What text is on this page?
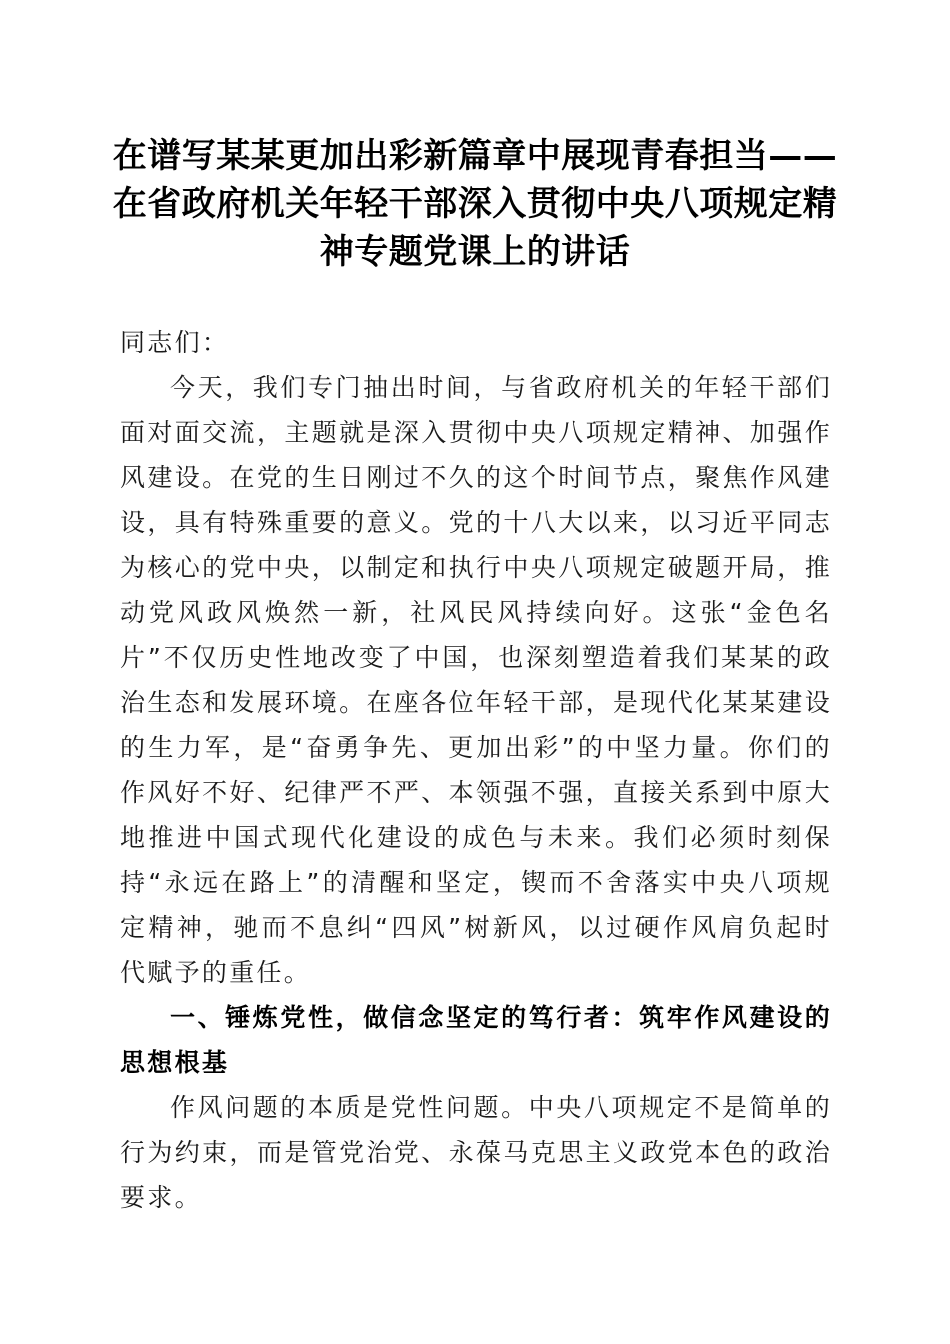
在谱写某某更加出彩新篇章中展现青春担当——在省政府机关年轻干部深入贯彻中央八项规定精神专题党课上的讲话

同志们：

今天，我们专门抽出时间，与省政府机关的年轻干部们面对面交流，主题就是深入贯彻中央八项规定精神、加强作风建设。在党的生日刚过不久的这个时间节点，聚焦作风建设，具有特殊重要的意义。党的十八大以来，以习近平同志为核心的党中央，以制定和执行中央八项规定破题开局，推动党风政风焕然一新，社风民风持续向好。这张“金色名片”不仅历史性地改变了中国，也深刻塑造着我们某某的政治生态和发展环境。在座各位年轻干部，是现代化某某建设的生力军，是“奋勇争先、更加出彩”的中坚力量。你们的作风好不好、纪律严不严、本领强不强，直接关系到中原大地推进中国式现代化建设的成色与未来。我们必须时刻保持“永远在路上”的清醒和坚定，锲而不舍落实中央八项规定精神，驰而不息纠“四风”树新风，以过硬作风肩负起时代赋予的重任。

一、锤炼党性，做信念坚定的笃行者：筑牢作风建设的思想根基

作风问题的本质是党性问题。中央八项规定不是简单的行为约束，而是管党治党、永葆马克思主义政党本色的政治要求。
